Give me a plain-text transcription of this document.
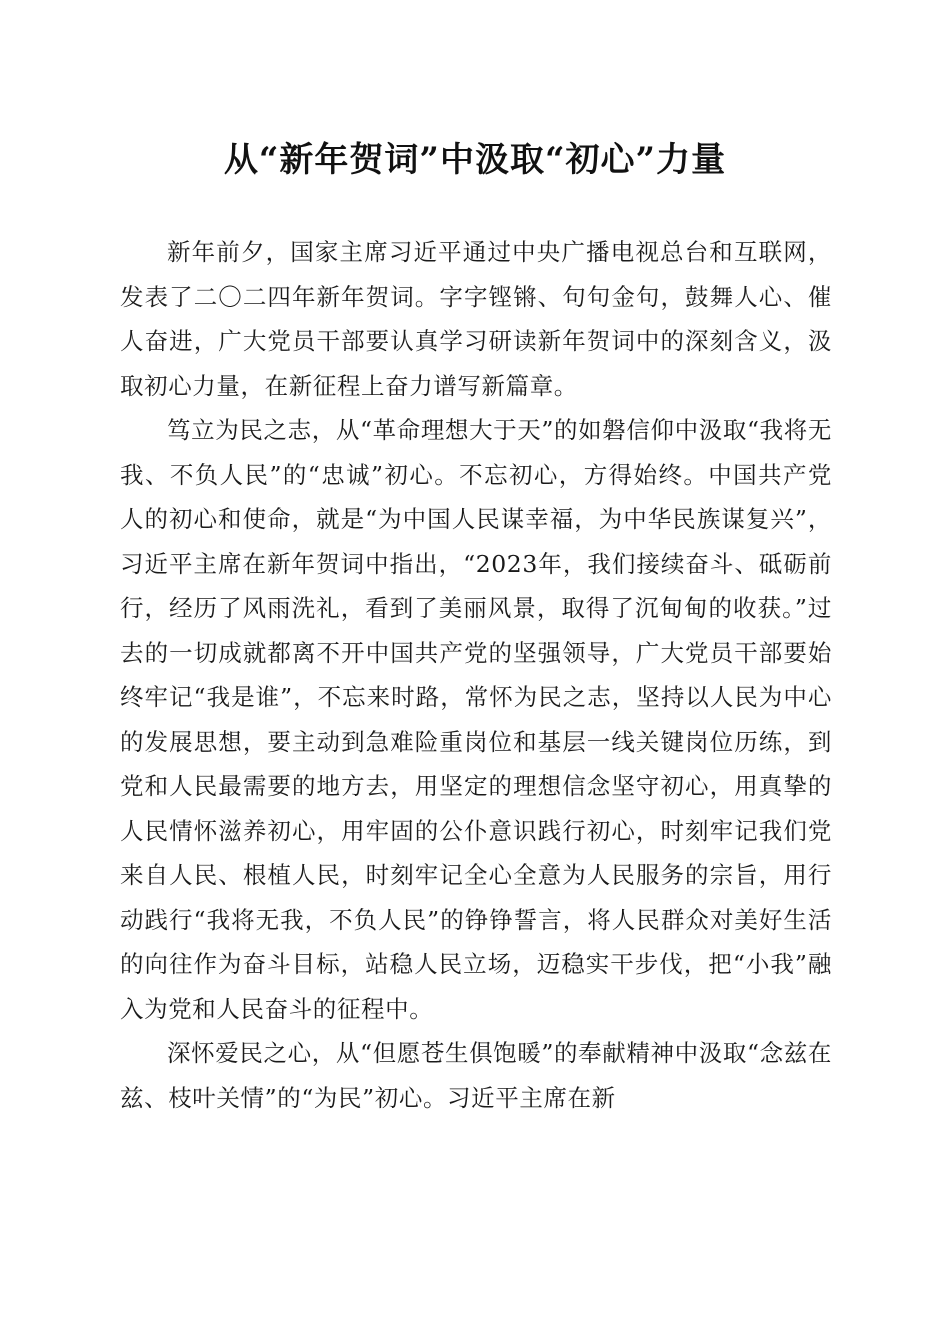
从“新年贺词”中汲取“初心”力量

新年前夕，国家主席习近平通过中央广播电视总台和互联网，发表了二〇二四年新年贺词。字字铿锵、句句金句，鼓舞人心、催人奋进，广大党员干部要认真学习研读新年贺词中的深刻含义，汲取初心力量，在新征程上奋力谱写新篇章。

笃立为民之志，从“革命理想大于天”的如磐信仰中汲取“我将无我、不负人民”的“忠诚”初心。不忘初心，方得始终。中国共产党人的初心和使命，就是“为中国人民谋幸福，为中华民族谋复兴”，习近平主席在新年贺词中指出，“2023年，我们接续奋斗、砥砺前行，经历了风雨洗礼，看到了美丽风景，取得了沉甸甸的收获。”过去的一切成就都离不开中国共产党的坚强领导，广大党员干部要始终牢记“我是谁”，不忘来时路，常怀为民之志，坚持以人民为中心的发展思想，要主动到急难险重岗位和基层一线关键岗位历练，到党和人民最需要的地方去，用坚定的理想信念坚守初心，用真挚的人民情怀滋养初心，用牢固的公仆意识践行初心，时刻牢记我们党来自人民、根植人民，时刻牢记全心全意为人民服务的宗旨，用行动践行“我将无我，不负人民”的铮铮誓言，将人民群众对美好生活的向往作为奋斗目标，站稳人民立场，迈稳实干步伐，把“小我”融入为党和人民奋斗的征程中。

深怀爱民之心，从“但愿苍生俱饱暖”的奉献精神中汲取“念兹在兹、枝叶关情”的“为民”初心。习近平主席在新
